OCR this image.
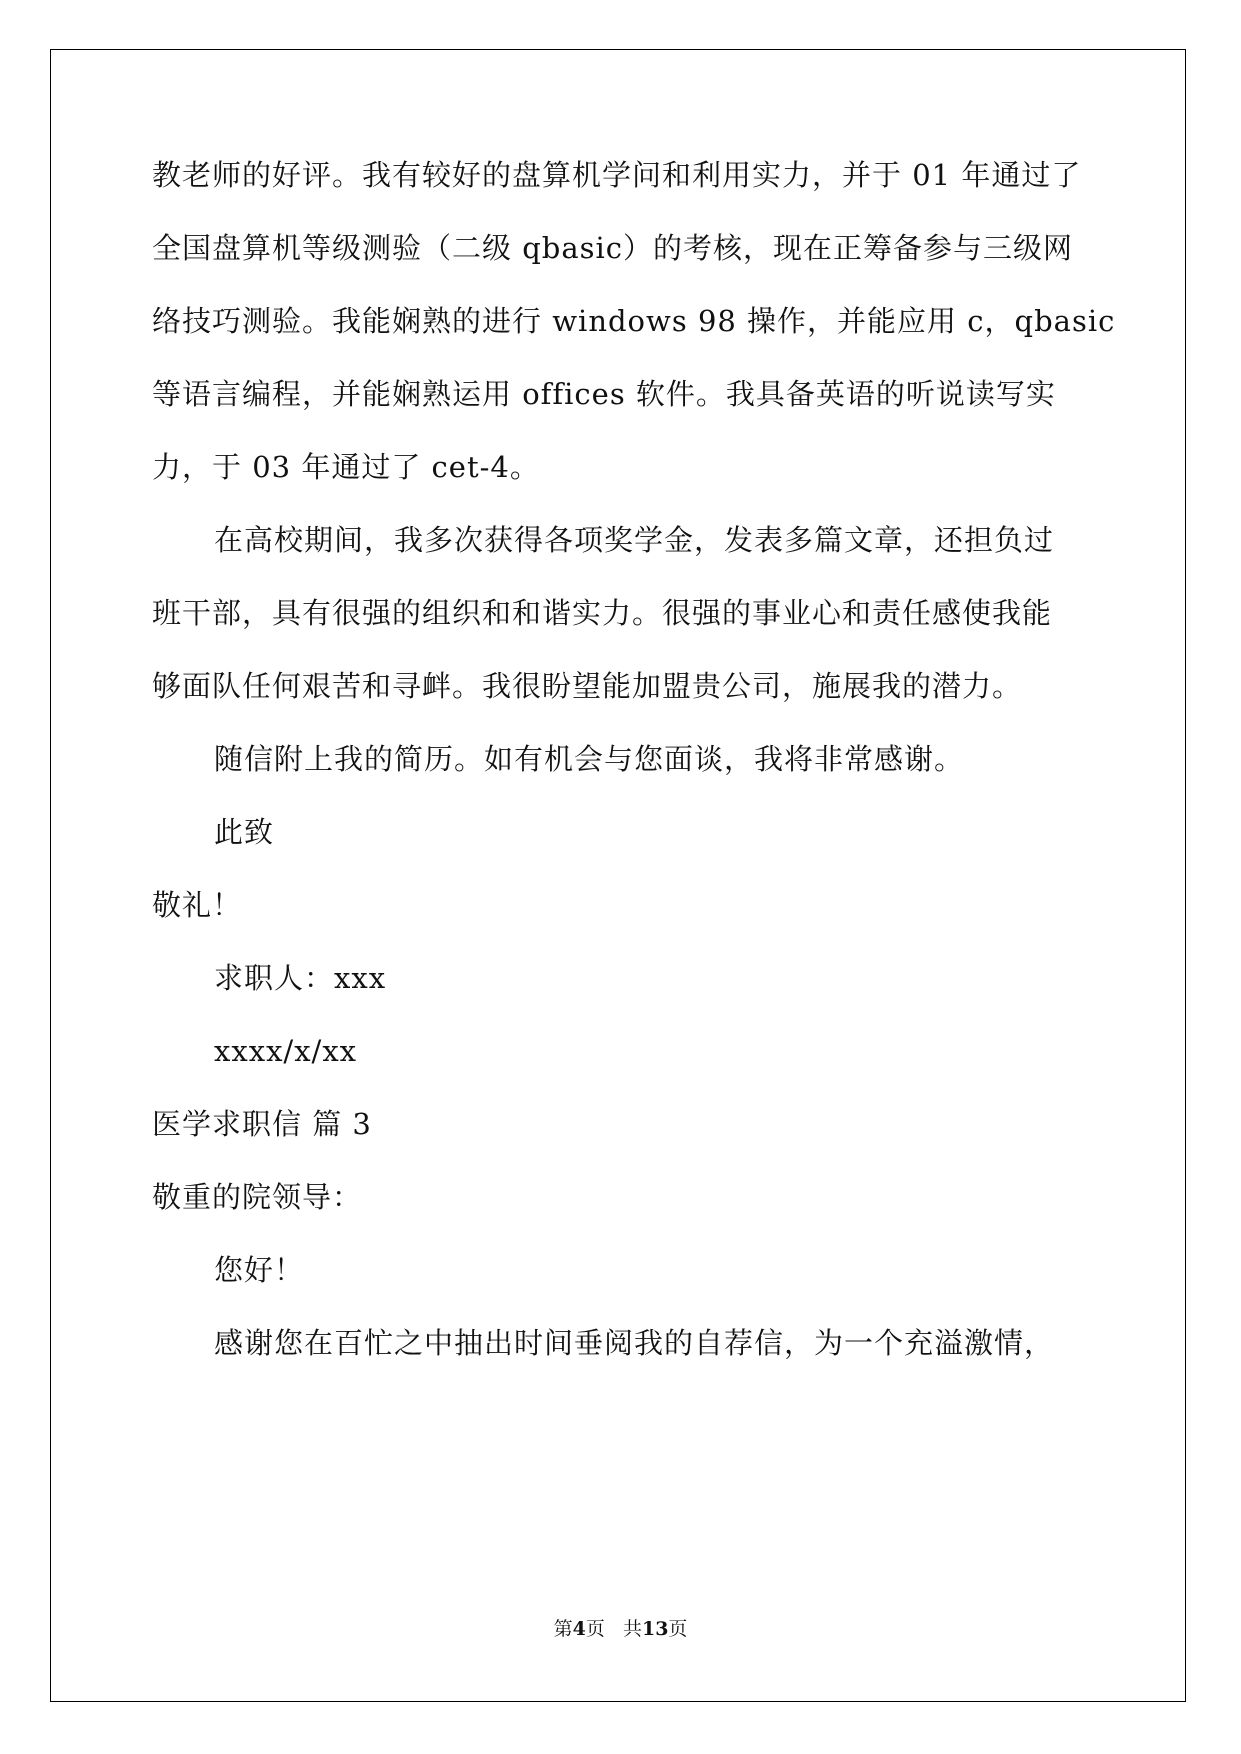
教老师的好评。我有较好的盘算机学问和利用实力，并于 01 年通过了
全国盘算机等级测验（二级 qbasic）的考核，现在正筹备参与三级网
络技巧测验。我能娴熟的进行 windows 98 操作，并能应用 c，qbasic
等语言编程，并能娴熟运用 offices 软件。我具备英语的听说读写实
力，于 03 年通过了 cet-4。
在高校期间，我多次获得各项奖学金，发表多篇文章，还担负过
班干部，具有很强的组织和和谐实力。很强的事业心和责任感使我能
够面队任何艰苦和寻衅。我很盼望能加盟贵公司，施展我的潜力。
随信附上我的简历。如有机会与您面谈，我将非常感谢。
此致
敬礼！
求职人：xxx
xxxx/x/xx
医学求职信 篇 3
敬重的院领导：
您好！
感谢您在百忙之中抽出时间垂阅我的自荐信，为一个充溢激情，
第4页 共13页
